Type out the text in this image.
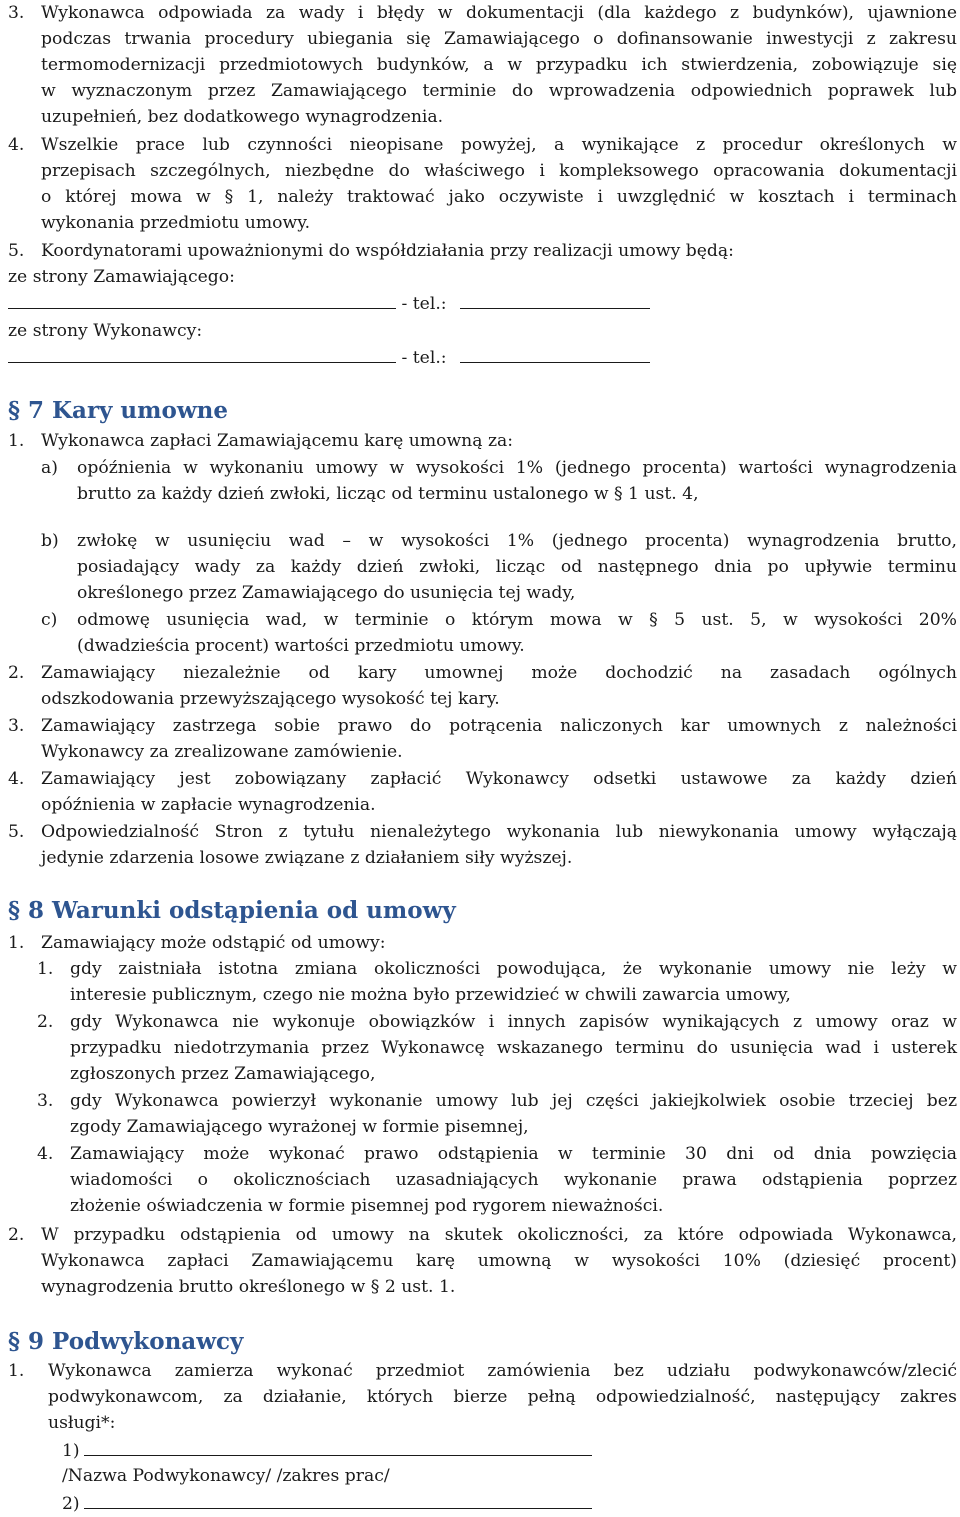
3. Wykonawca odpowiada za wady i błędy w dokumentacji (dla każdego z budynków), ujawnione
podczas trwania procedury ubiegania się Zamawiającego o dofinansowanie inwestycji z zakresu
termomodernizacji przedmiotowych budynków, a w przypadku ich stwierdzenia, zobowiązuje się
w wyznaczonym przez Zamawiającego terminie do wprowadzenia odpowiednich poprawek lub
uzupełnień, bez dodatkowego wynagrodzenia.
4. Wszelkie prace lub czynności nieopisane powyżej, a wynikające z procedur określonych w
przepisach szczególnych, niezbędne do właściwego i kompleksowego opracowania dokumentacji
o której mowa w § 1, należy traktować jako oczywiste i uwzględnić w kosztach i terminach
wykonania przedmiotu umowy.
5. Koordynatorami upoważnionymi do współdziałania przy realizacji umowy będą:
ze strony Zamawiającego:
- tel.:
ze strony Wykonawcy:
- tel.:
§ 7 Kary umowne
1. Wykonawca zapłaci Zamawiającemu karę umowną za:
a) opóźnienia w wykonaniu umowy w wysokości 1% (jednego procenta) wartości wynagrodzenia
brutto za każdy dzień zwłoki, licząc od terminu ustalonego w § 1 ust. 4,
b) zwłokę w usunięciu wad – w wysokości 1% (jednego procenta) wynagrodzenia brutto,
posiadający wady za każdy dzień zwłoki, licząc od następnego dnia po upływie terminu
określonego przez Zamawiającego do usunięcia tej wady,
c) odmowę usunięcia wad, w terminie o którym mowa w § 5 ust. 5, w wysokości 20%
(dwadzieścia procent) wartości przedmiotu umowy.
2. Zamawiający niezależnie od kary umownej może dochodzić na zasadach ogólnych
odszkodowania przewyższającego wysokość tej kary.
3. Zamawiający zastrzega sobie prawo do potrącenia naliczonych kar umownych z należności
Wykonawcy za zrealizowane zamówienie.
4. Zamawiający jest zobowiązany zapłacić Wykonawcy odsetki ustawowe za każdy dzień
opóźnienia w zapłacie wynagrodzenia.
5. Odpowiedzialność Stron z tytułu nienależytego wykonania lub niewykonania umowy wyłączają
jedynie zdarzenia losowe związane z działaniem siły wyższej.
§ 8 Warunki odstąpienia od umowy
1. Zamawiający może odstąpić od umowy:
1. gdy zaistniała istotna zmiana okoliczności powodująca, że wykonanie umowy nie leży w
interesie publicznym, czego nie można było przewidzieć w chwili zawarcia umowy,
2. gdy Wykonawca nie wykonuje obowiązków i innych zapisów wynikających z umowy oraz w
przypadku niedotrzymania przez Wykonawcę wskazanego terminu do usunięcia wad i usterek
zgłoszonych przez Zamawiającego,
3. gdy Wykonawca powierzył wykonanie umowy lub jej części jakiejkolwiek osobie trzeciej bez
zgody Zamawiającego wyrażonej w formie pisemnej,
4. Zamawiający może wykonać prawo odstąpienia w terminie 30 dni od dnia powzięcia
wiadomości o okolicznościach uzasadniających wykonanie prawa odstąpienia poprzez
złożenie oświadczenia w formie pisemnej pod rygorem nieważności.
2. W przypadku odstąpienia od umowy na skutek okoliczności, za które odpowiada Wykonawca,
Wykonawca zapłaci Zamawiającemu karę umowną w wysokości 10% (dziesięć procent)
wynagrodzenia brutto określonego w § 2 ust. 1.
§ 9 Podwykonawcy
1. Wykonawca zamierza wykonać przedmiot zamówienia bez udziału podwykonawców/zlecić
podwykonawcom, za działanie, których bierze pełną odpowiedzialność, następujący zakres
usługi*:
1)
/Nazwa Podwykonawcy/ /zakres prac/
2)
